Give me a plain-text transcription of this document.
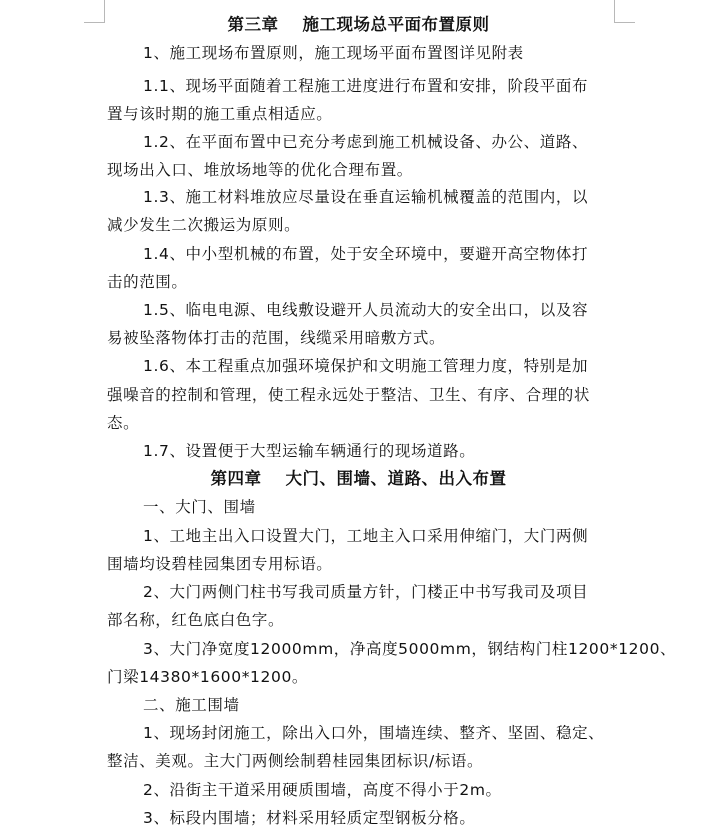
第三章 施工现场总平面布置原则

1、施工现场布置原则，施工现场平面布置图详见附表

1.1、现场平面随着工程施工进度进行布置和安排，阶段平面布

置与该时期的施工重点相适应。

1.2、在平面布置中已充分考虑到施工机械设备、办公、道路、

现场出入口、堆放场地等的优化合理布置。

1.3、施工材料堆放应尽量设在垂直运输机械覆盖的范围内，以

减少发生二次搬运为原则。

1.4、中小型机械的布置，处于安全环境中，要避开高空物体打

击的范围。

1.5、临电电源、电线敷设避开人员流动大的安全出口，以及容

易被坠落物体打击的范围，线缆采用暗敷方式。

1.6、本工程重点加强环境保护和文明施工管理力度，特别是加

强噪音的控制和管理，使工程永远处于整洁、卫生、有序、合理的状

态。

1.7、设置便于大型运输车辆通行的现场道路。

第四章 大门、围墙、道路、出入布置

一、大门、围墙

1、工地主出入口设置大门，工地主入口采用伸缩门，大门两侧

围墙均设碧桂园集团专用标语。

2、大门两侧门柱书写我司质量方针，门楼正中书写我司及项目

部名称，红色底白色字。

3、大门净宽度12000mm，净高度5000mm，钢结构门柱1200*1200、

门梁14380*1600*1200。

二、施工围墙

1、现场封闭施工，除出入口外，围墙连续、整齐、坚固、稳定、

整洁、美观。主大门两侧绘制碧桂园集团标识/标语。

2、沿街主干道采用硬质围墙，高度不得小于2m。

3、标段内围墙；材料采用轻质定型钢板分格。
